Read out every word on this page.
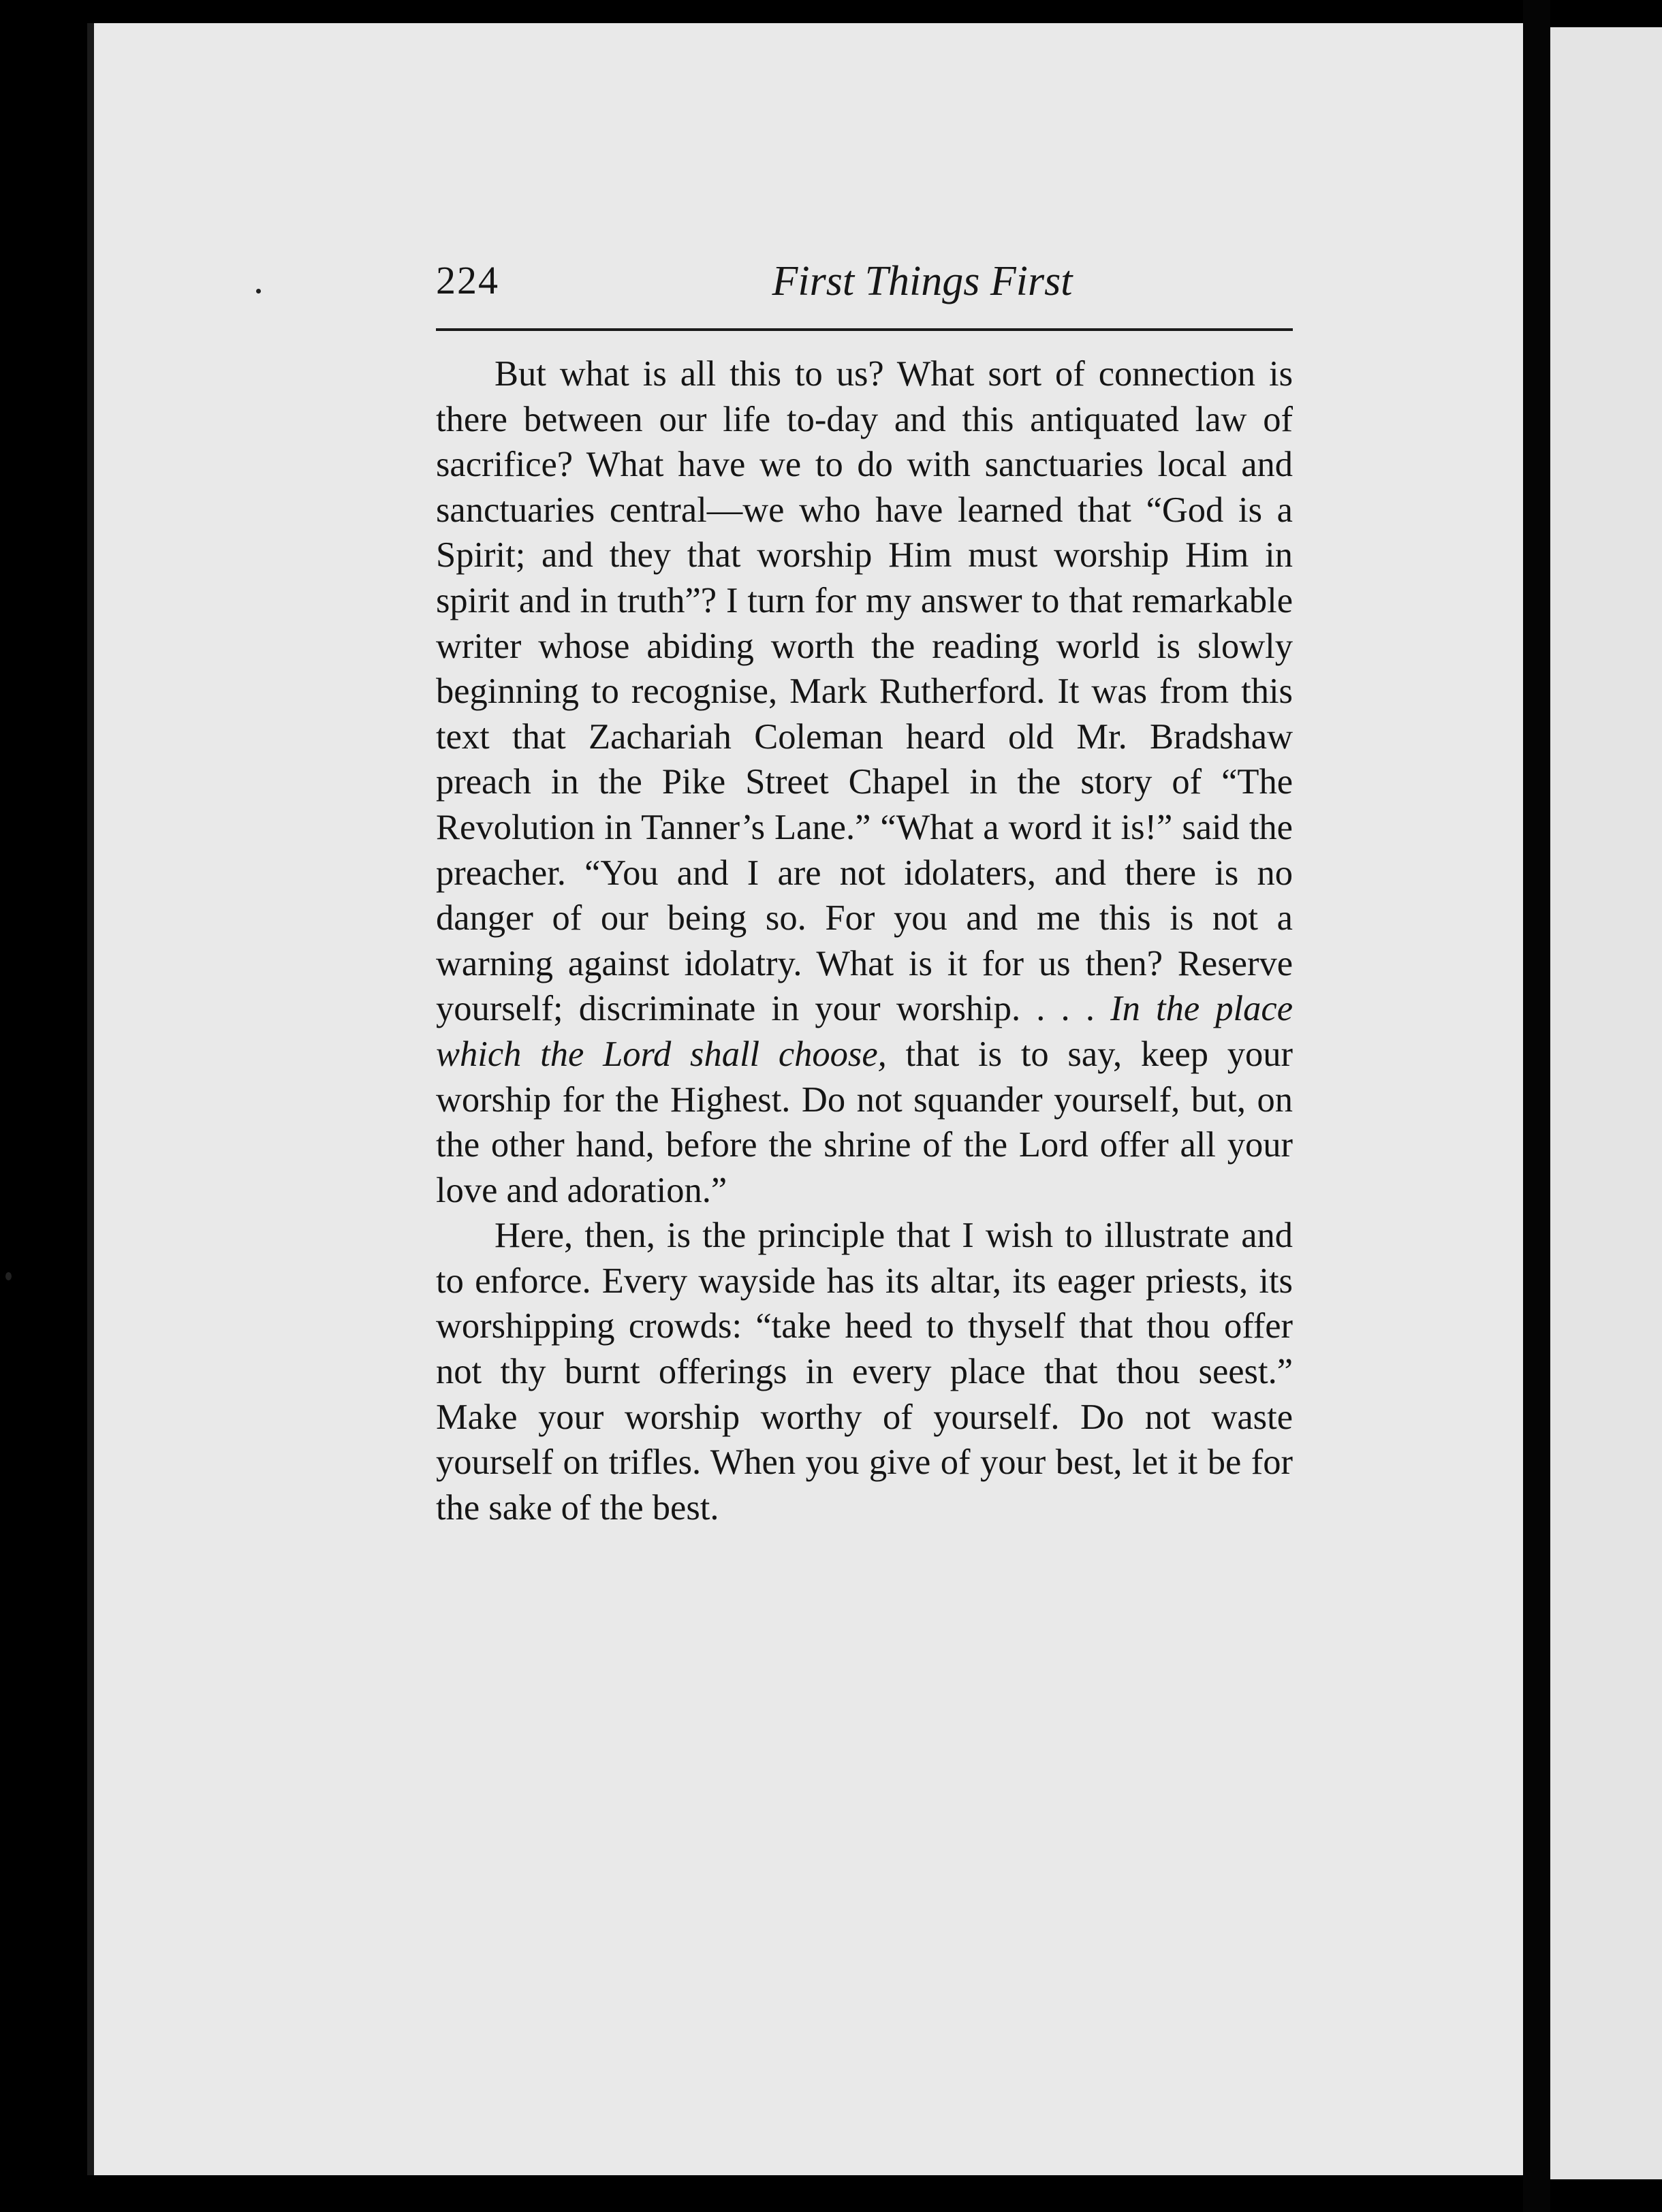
224	First Things First

But what is all this to us? What sort of connection is there between our life to-day and this antiquated law of sacrifice? What have we to do with sanctuaries local and sanctuaries central—we who have learned that “God is a Spirit; and they that worship Him must worship Him in spirit and in truth”? I turn for my answer to that remarkable writer whose abiding worth the reading world is slowly beginning to recognise, Mark Rutherford. It was from this text that Zachariah Coleman heard old Mr. Bradshaw preach in the Pike Street Chapel in the story of “The Revolution in Tanner’s Lane.” “What a word it is!” said the preacher. “You and I are not idolaters, and there is no danger of our being so. For you and me this is not a warning against idolatry. What is it for us then? Reserve yourself; discriminate in your worship. . . . In the place which the Lord shall choose, that is to say, keep your worship for the Highest. Do not squander yourself, but, on the other hand, before the shrine of the Lord offer all your love and adoration.”

Here, then, is the principle that I wish to illustrate and to enforce. Every wayside has its altar, its eager priests, its worshipping crowds: “take heed to thyself that thou offer not thy burnt offerings in every place that thou seest.” Make your worship worthy of yourself. Do not waste yourself on trifles. When you give of your best, let it be for the sake of the best.
